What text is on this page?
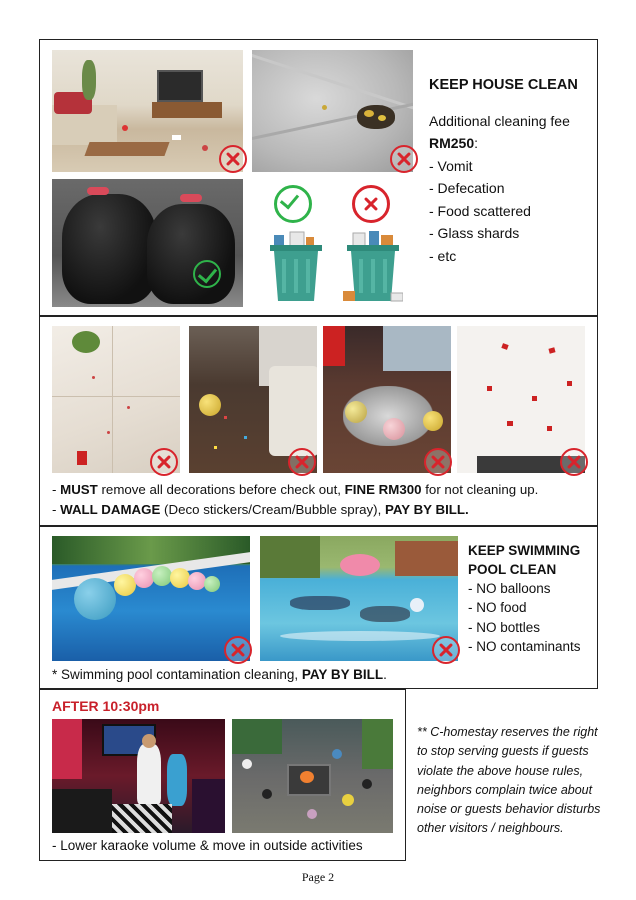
KEEP HOUSE CLEAN
Additional cleaning fee
RM250:
- Vomit
- Defecation
- Food scattered
- Glass shards
- etc
- MUST remove all decorations before check out, FINE RM300 for not cleaning up.
- WALL DAMAGE (Deco stickers/Cream/Bubble spray), PAY BY BILL.
KEEP SWIMMING
POOL CLEAN
- NO balloons
- NO food
- NO bottles
- NO contaminants
* Swimming pool contamination cleaning, PAY BY BILL.
AFTER 10:30pm
- Lower karaoke volume & move in outside activities
** C-homestay reserves the right
to stop serving guests if guests
violate the above house rules,
neighbors complain twice about
noise or guests behavior disturbs
other visitors / neighbours.
Page 2
